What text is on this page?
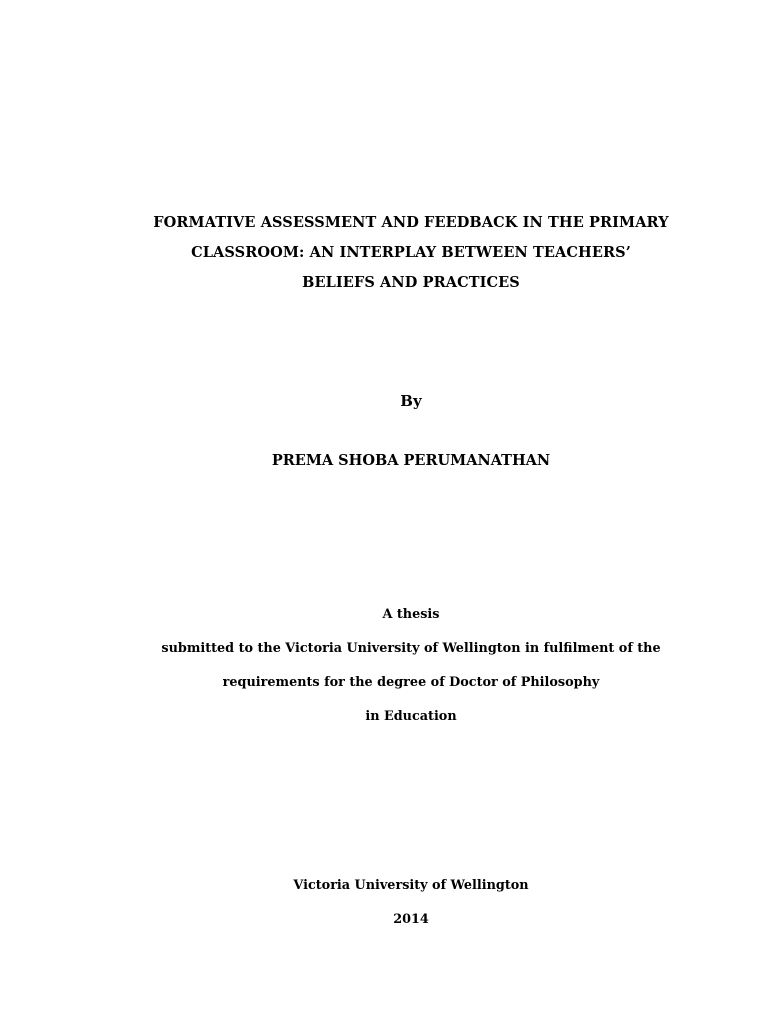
FORMATIVE ASSESSMENT AND FEEDBACK IN THE PRIMARY
CLASSROOM: AN INTERPLAY BETWEEN TEACHERS’
BELIEFS AND PRACTICES
By
PREMA SHOBA PERUMANATHAN
A thesis
submitted to the Victoria University of Wellington in fulfilment of the
requirements for the degree of Doctor of Philosophy
in Education
Victoria University of Wellington
2014
